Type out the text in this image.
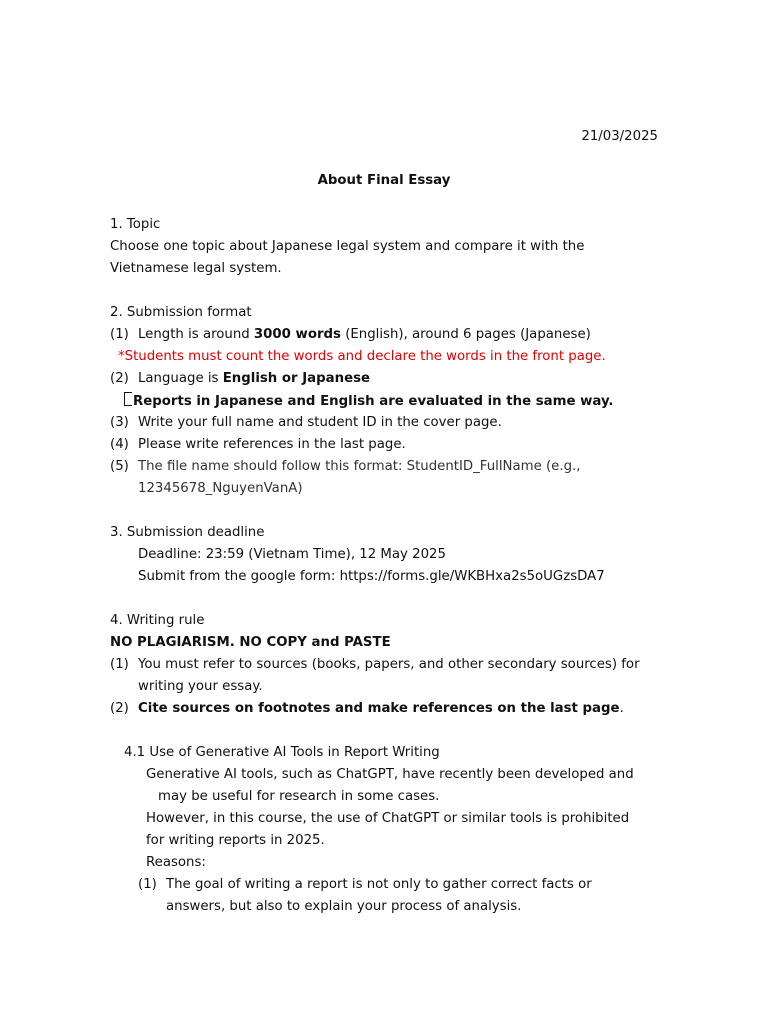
21/03/2025
About Final Essay
1. Topic
Choose one topic about Japanese legal system and compare it with the
Vietnamese legal system.
2. Submission format
(1) Length is around 3000 words (English), around 6 pages (Japanese)
*Students must count the words and declare the words in the front page.
(2) Language is English or Japanese
Reports in Japanese and English are evaluated in the same way.
(3) Write your full name and student ID in the cover page.
(4) Please write references in the last page.
(5) The file name should follow this format: StudentID_FullName (e.g.,
12345678_NguyenVanA)
3. Submission deadline
Deadline: 23:59 (Vietnam Time), 12 May 2025
Submit from the google form: https://forms.gle/WKBHxa2s5oUGzsDA7
4. Writing rule
NO PLAGIARISM. NO COPY and PASTE
(1) You must refer to sources (books, papers, and other secondary sources) for
writing your essay.
(2) Cite sources on footnotes and make references on the last page.
4.1 Use of Generative AI Tools in Report Writing
Generative AI tools, such as ChatGPT, have recently been developed and
may be useful for research in some cases.
However, in this course, the use of ChatGPT or similar tools is prohibited
for writing reports in 2025.
Reasons:
(1) The goal of writing a report is not only to gather correct facts or
answers, but also to explain your process of analysis.
